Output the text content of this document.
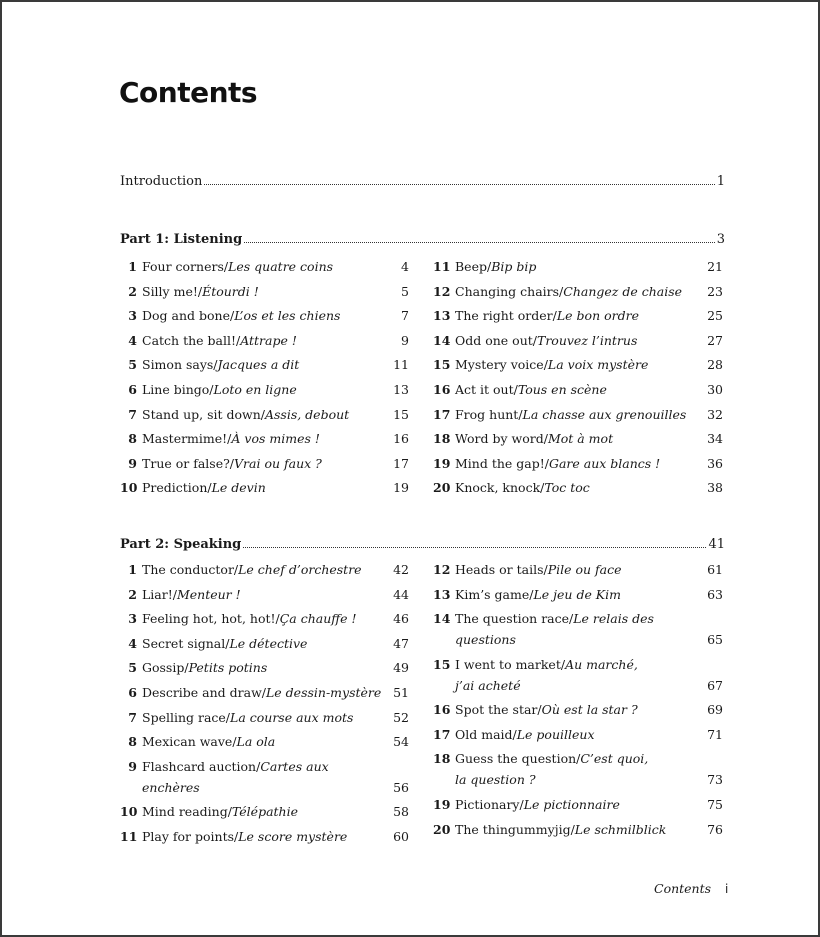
Contents
Introduction	1
Part 1: Listening	3
1 Four corners/Les quatre coins	4
2 Silly me!/Étourdi !	5
3 Dog and bone/L’os et les chiens	7
4 Catch the ball!/Attrape !	9
5 Simon says/Jacques a dit	11
6 Line bingo/Loto en ligne	13
7 Stand up, sit down/Assis, debout	15
8 Mastermime!/À vos mimes !	16
9 True or false?/Vrai ou faux ?	17
10 Prediction/Le devin	19
11 Beep/Bip bip	21
12 Changing chairs/Changez de chaise	23
13 The right order/Le bon ordre	25
14 Odd one out/Trouvez l’intrus	27
15 Mystery voice/La voix mystère	28
16 Act it out/Tous en scène	30
17 Frog hunt/La chasse aux grenouilles	32
18 Word by word/Mot à mot	34
19 Mind the gap!/Gare aux blancs !	36
20 Knock, knock/Toc toc	38
Part 2: Speaking	41
1 The conductor/Le chef d’orchestre	42
2 Liar!/Menteur !	44
3 Feeling hot, hot, hot!/Ça chauffe !	46
4 Secret signal/Le détective	47
5 Gossip/Petits potins	49
6 Describe and draw/Le dessin-mystère 51
7 Spelling race/La course aux mots	52
8 Mexican wave/La ola	54
9 Flashcard auction/Cartes aux
enchères	56
10 Mind reading/Télépathie	58
11 Play for points/Le score mystère	60
12 Heads or tails/Pile ou face	61
13 Kim’s game/Le jeu de Kim	63
14 The question race/Le relais des
questions	65
15 I went to market/Au marché,
j’ai acheté	67
16 Spot the star/Où est la star ?	69
17 Old maid/Le pouilleux	71
18 Guess the question/C’est quoi,
la question ?	73
19 Pictionary/Le pictionnaire	75
20 The thingummyjig/Le schmilblick	76
Contents i
